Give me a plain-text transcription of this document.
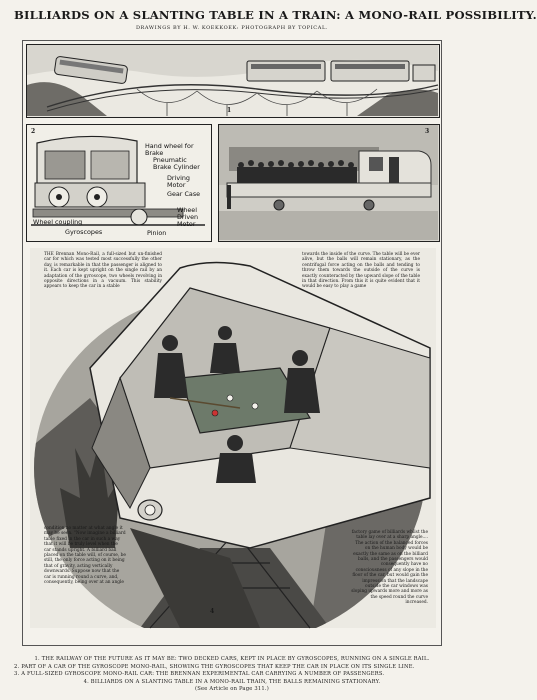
BILLIARDS ON A SLANTING TABLE IN A TRAIN: A MONO-RAIL POSSIBILITY.
DRAWINGS BY H. W. KOEKKOEK: PHOTOGRAPH BY TOPICAL.
1
Hand wheel for Brake
Pneumatic Brake Cylinder
Driving Motor
Gear Case
Wheel Driven Motor
Wheel coupling
Gyroscopes	Pinion
2	3
4
THE Brennan Mono-Rail, a full-sized but un-finished car for which was tested most successfully the other day, is remarkable in that the passenger is aligned to it. Each car is kept upright on the single rail by an adaptation of the gyroscope, two wheels revolving in opposite directions in a vacuum. This stability appears to keep the car in a stable
towards the inside of the curve. The table will be ever alive, but the balls will remain stationary, as the centrifugal force acting on the balls and tending to throw them towards the outside of the curve is exactly counteracted by the upward slope of the table in that direction. From this it is quite evident that it would be easy to play a game
condition no matter at what angle it may be seen. "Now imagine a billiard table fixed in the car in such a way that it will be truly level when the car stands upright. A billiard ball placed on the table will, of course, be still, the only force acting on it being that of gravity, acting vertically downwards. Suppose now that the car is running round a curve, and, consequently, being over at an angle
factory game of billiards whilst the table lay over at a sharp angle.... The action of the balanced forces on the human body would be exactly the same as on the billiard balls, and the passengers would consequently have no consciousness of any slope in the floor of the car, but would gain the impression that the landscape outside the car windows was sloping upwards more and more as the speed round the curve increased.
1. THE RAILWAY OF THE FUTURE AS IT MAY BE: TWO DECKED CARS, KEPT IN PLACE BY GYROSCOPES, RUNNING ON A SINGLE RAIL.
2. PART OF A CAR OF THE GYROSCOPE MONO-RAIL, SHOWING THE GYROSCOPES THAT KEEP THE CAR IN PLACE ON ITS SINGLE LINE.
3. A FULL-SIZED GYROSCOPE MONO-RAIL CAR: THE BRENNAN EXPERIMENTAL CAR CARRYING A NUMBER OF PASSENGERS.
4. BILLIARDS ON A SLANTING TABLE IN A MONO-RAIL TRAIN, THE BALLS REMAINING STATIONARY.
(See Article on Page 311.)
